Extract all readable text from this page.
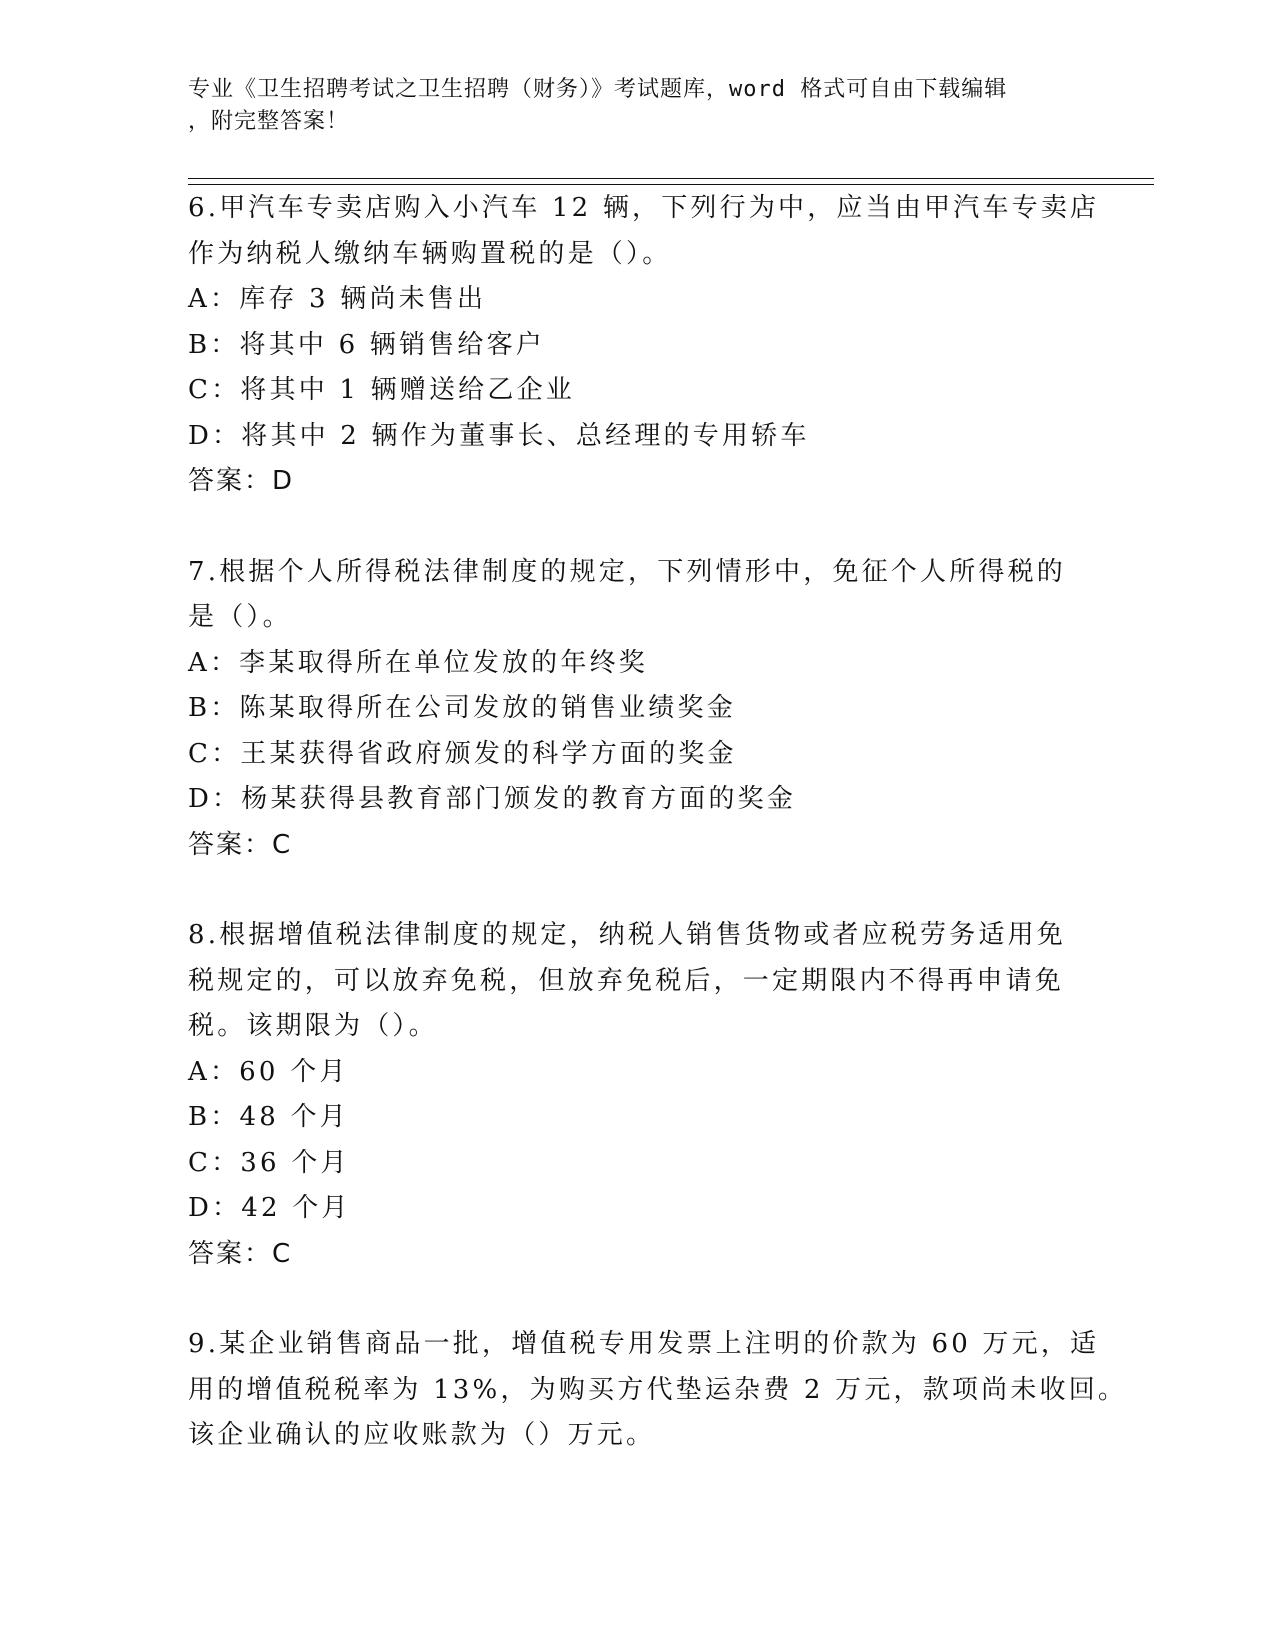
专业《卫生招聘考试之卫生招聘（财务）》考试题库，word 格式可自由下载编辑
，附完整答案！
6.甲汽车专卖店购入小汽车 12 辆，下列行为中，应当由甲汽车专卖店
作为纳税人缴纳车辆购置税的是（）。
A：库存 3 辆尚未售出
B：将其中 6 辆销售给客户
C：将其中 1 辆赠送给乙企业
D：将其中 2 辆作为董事长、总经理的专用轿车
答案：D
7.根据个人所得税法律制度的规定，下列情形中，免征个人所得税的
是（）。
A：李某取得所在单位发放的年终奖
B：陈某取得所在公司发放的销售业绩奖金
C：王某获得省政府颁发的科学方面的奖金
D：杨某获得县教育部门颁发的教育方面的奖金
答案：C
8.根据增值税法律制度的规定，纳税人销售货物或者应税劳务适用免
税规定的，可以放弃免税，但放弃免税后，一定期限内不得再申请免
税。该期限为（）。
A：60 个月
B：48 个月
C：36 个月
D：42 个月
答案：C
9.某企业销售商品一批，增值税专用发票上注明的价款为 60 万元，适
用的增值税税率为 13%，为购买方代垫运杂费 2 万元，款项尚未收回。
该企业确认的应收账款为（）万元。
